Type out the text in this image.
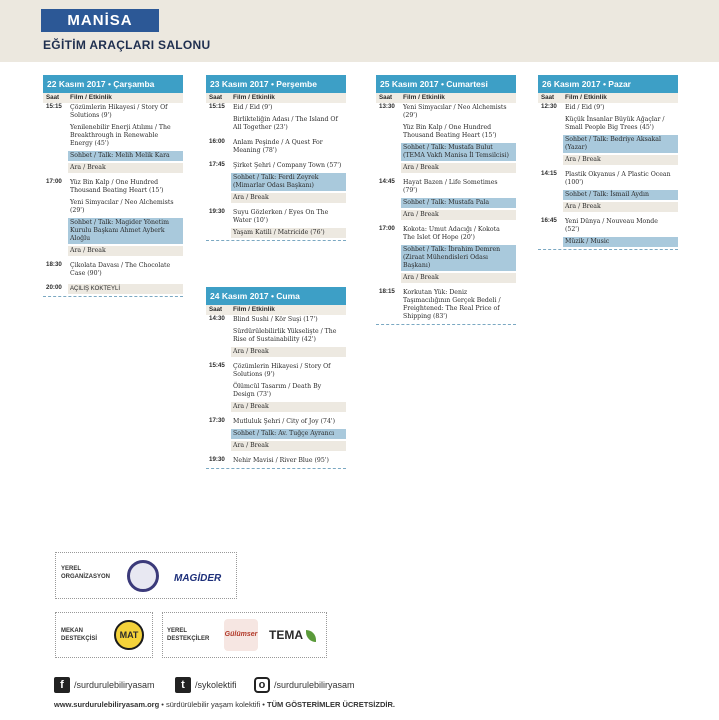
MANİSA
EĞİTİM ARAÇLARI SALONU
22 Kasım 2017 • Çarşamba
Saat	Film / Etkinlik
15:15	Çözümlerin Hikayesi / Story Of Solutions (9')
Yenilenebilir Enerji Atılımı / The Breakthrough in Renewable Energy (45')
Sohbet / Talk: Melih Melik Kara
Ara / Break
17:00	Yüz Bin Kalp / One Hundred Thousand Beating Heart (15')
Yeni Simyacılar / Neo Alchemists (29')
Sohbet / Talk: Magider Yönetim Kurulu Başkanı Ahmet Ayberk Aloğlu
Ara / Break
18:30	Çikolata Davası / The Chocolate Case (90')
20:00	AÇILIŞ KOKTEYLİ
23 Kasım 2017 • Perşembe
Saat	Film / Etkinlik
15:15	Eid / Eid (9')
Birlikteliğin Adası / The Island Of All Together (23')
16:00	Anlam Peşinde / A Quest For Meaning (78')
17:45	Şirket Şehri / Company Town (57')
Sohbet / Talk: Ferdi Zeyrek (Mimarlar Odası Başkanı)
Ara / Break
19:30	Suyu Gözlerken / Eyes On The Water (10')
Yaşam Katili / Matricide (76')
24 Kasım 2017 • Cuma
Saat	Film / Etkinlik
14:30	Blind Sushi / Kör Suşi (17')
Sürdürülebilirlik Yükselişte / The Rise of Sustainability (42')
Ara / Break
15:45	Çözümlerin Hikayesi / Story Of Solutions (9')
Ölümcül Tasarım / Death By Design (73')
Ara / Break
17:30	Mutluluk Şehri / City of Joy (74')
Sohbet / Talk: Av. Tuğçe Ayrancı
Ara / Break
19:30	Nehir Mavisi / River Blue (95')
25 Kasım 2017 • Cumartesi
Saat	Film / Etkinlik
13:30	Yeni Simyacılar / Neo Alchemists (29')
Yüz Bin Kalp / One Hundred Thousand Beating Heart (15')
Sohbet / Talk: Mustafa Bulut (TEMA Vakfı Manisa İl Temsilcisi)
Ara / Break
14:45	Hayat Bazen / Life Sometimes (79')
Sohbet / Talk: Mustafa Pala
Ara / Break
17:00	Kokota: Umut Adacığı / Kokota The Islet Of Hope (20')
Sohbet / Talk: İbrahim Demren (Ziraat Mühendisleri Odası Başkanı)
Ara / Break
18:15	Korkutan Yük: Deniz Taşımacılığının Gerçek Bedeli / Freightened: The Real Price of Shipping (83')
26 Kasım 2017 • Pazar
Saat	Film / Etkinlik
12:30	Eid / Eid (9')
Küçük İnsanlar Büyük Ağaçlar / Small People Big Trees (45')
Sohbet / Talk: Bedriye Aksakal (Yazar)
Ara / Break
14:15	Plastik Okyanus / A Plastic Ocean (100')
Sohbet / Talk: İsmail Aydın
Ara / Break
16:45	Yeni Dünya / Nouveau Monde (52')
Müzik / Music
YEREL ORGANİZASYON	MAGİDER
MEKAN DESTEKÇİSİ	MAT	YEREL DESTEKÇİLER
Gülümser TEMA
f	/surdurulebiliryasam	t	/sykolektifi	o /surdurulebiliryasam
www.surdurulebiliryasam.org • sürdürülebilir yaşam kolektifi • TÜM GÖSTERİMLER ÜCRETSİZDİR.
